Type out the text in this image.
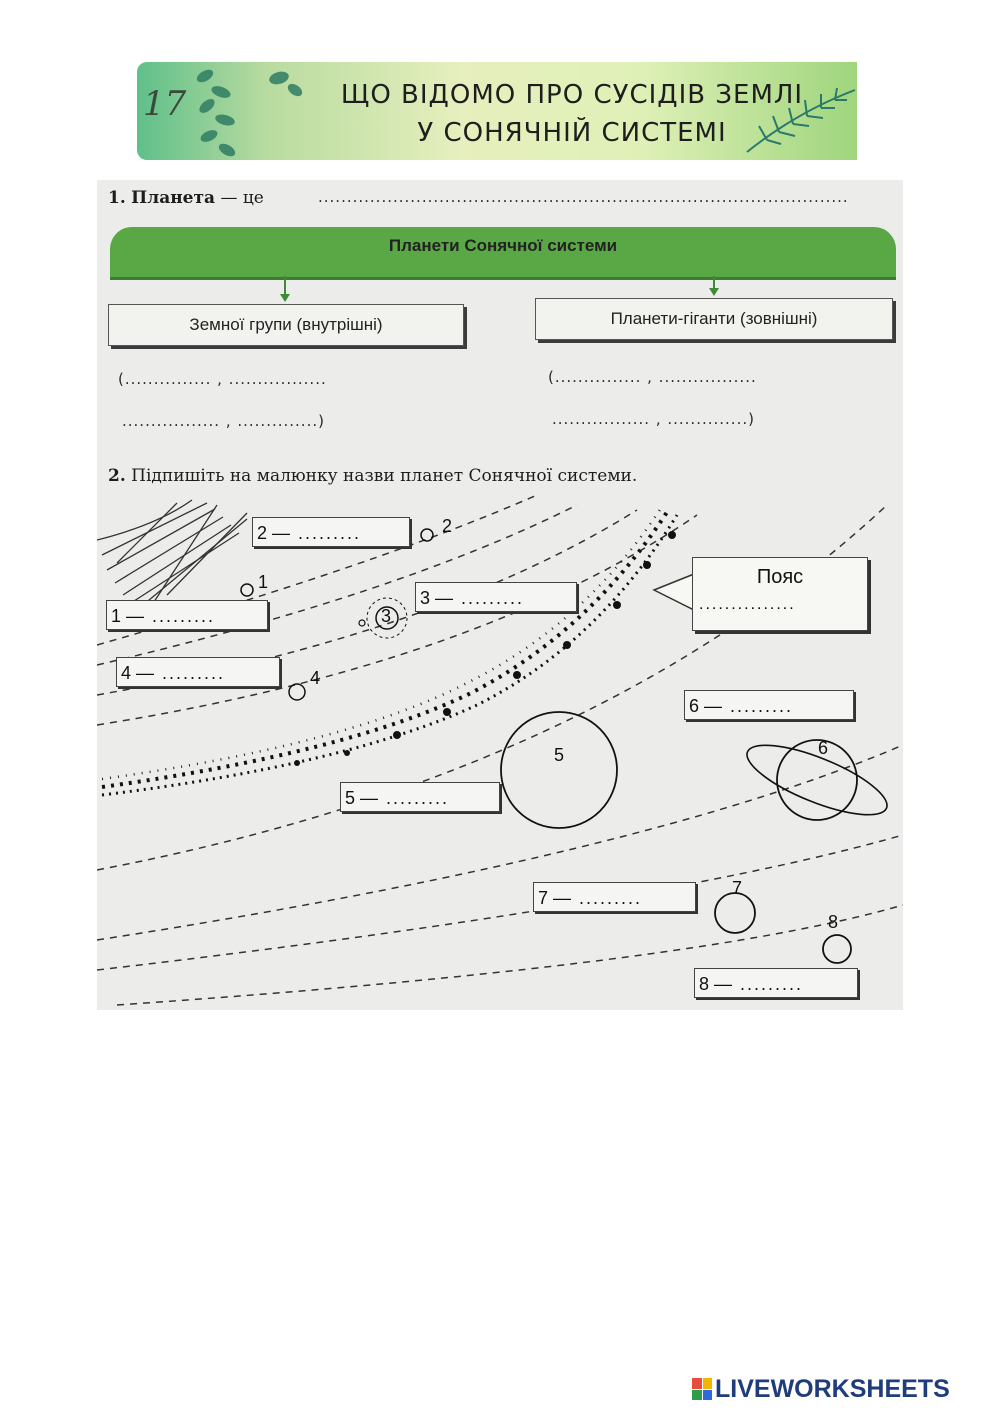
17	ЩО ВІДОМО ПРО СУСІДІВ ЗЕМЛІ
У СОНЯЧНІЙ СИСТЕМІ
1. Планета — це	............................................................................................
Планети Сонячної системи
Земної групи (внутрішні)	Планети-гіганти (зовнішні)
(............... , .................
................. , ..............)
(............... , .................
................. , ..............)
2. Підпишіть на малюнку назви планет Сонячної системи.
1
2
3
4
5	6
7
8
2 — .........
1 — .........
3 — .........
4 — .........
5 — .........
6 — .........
7 — .........
8 — .........
Пояс
...............
LIVEWORKSHEETS
